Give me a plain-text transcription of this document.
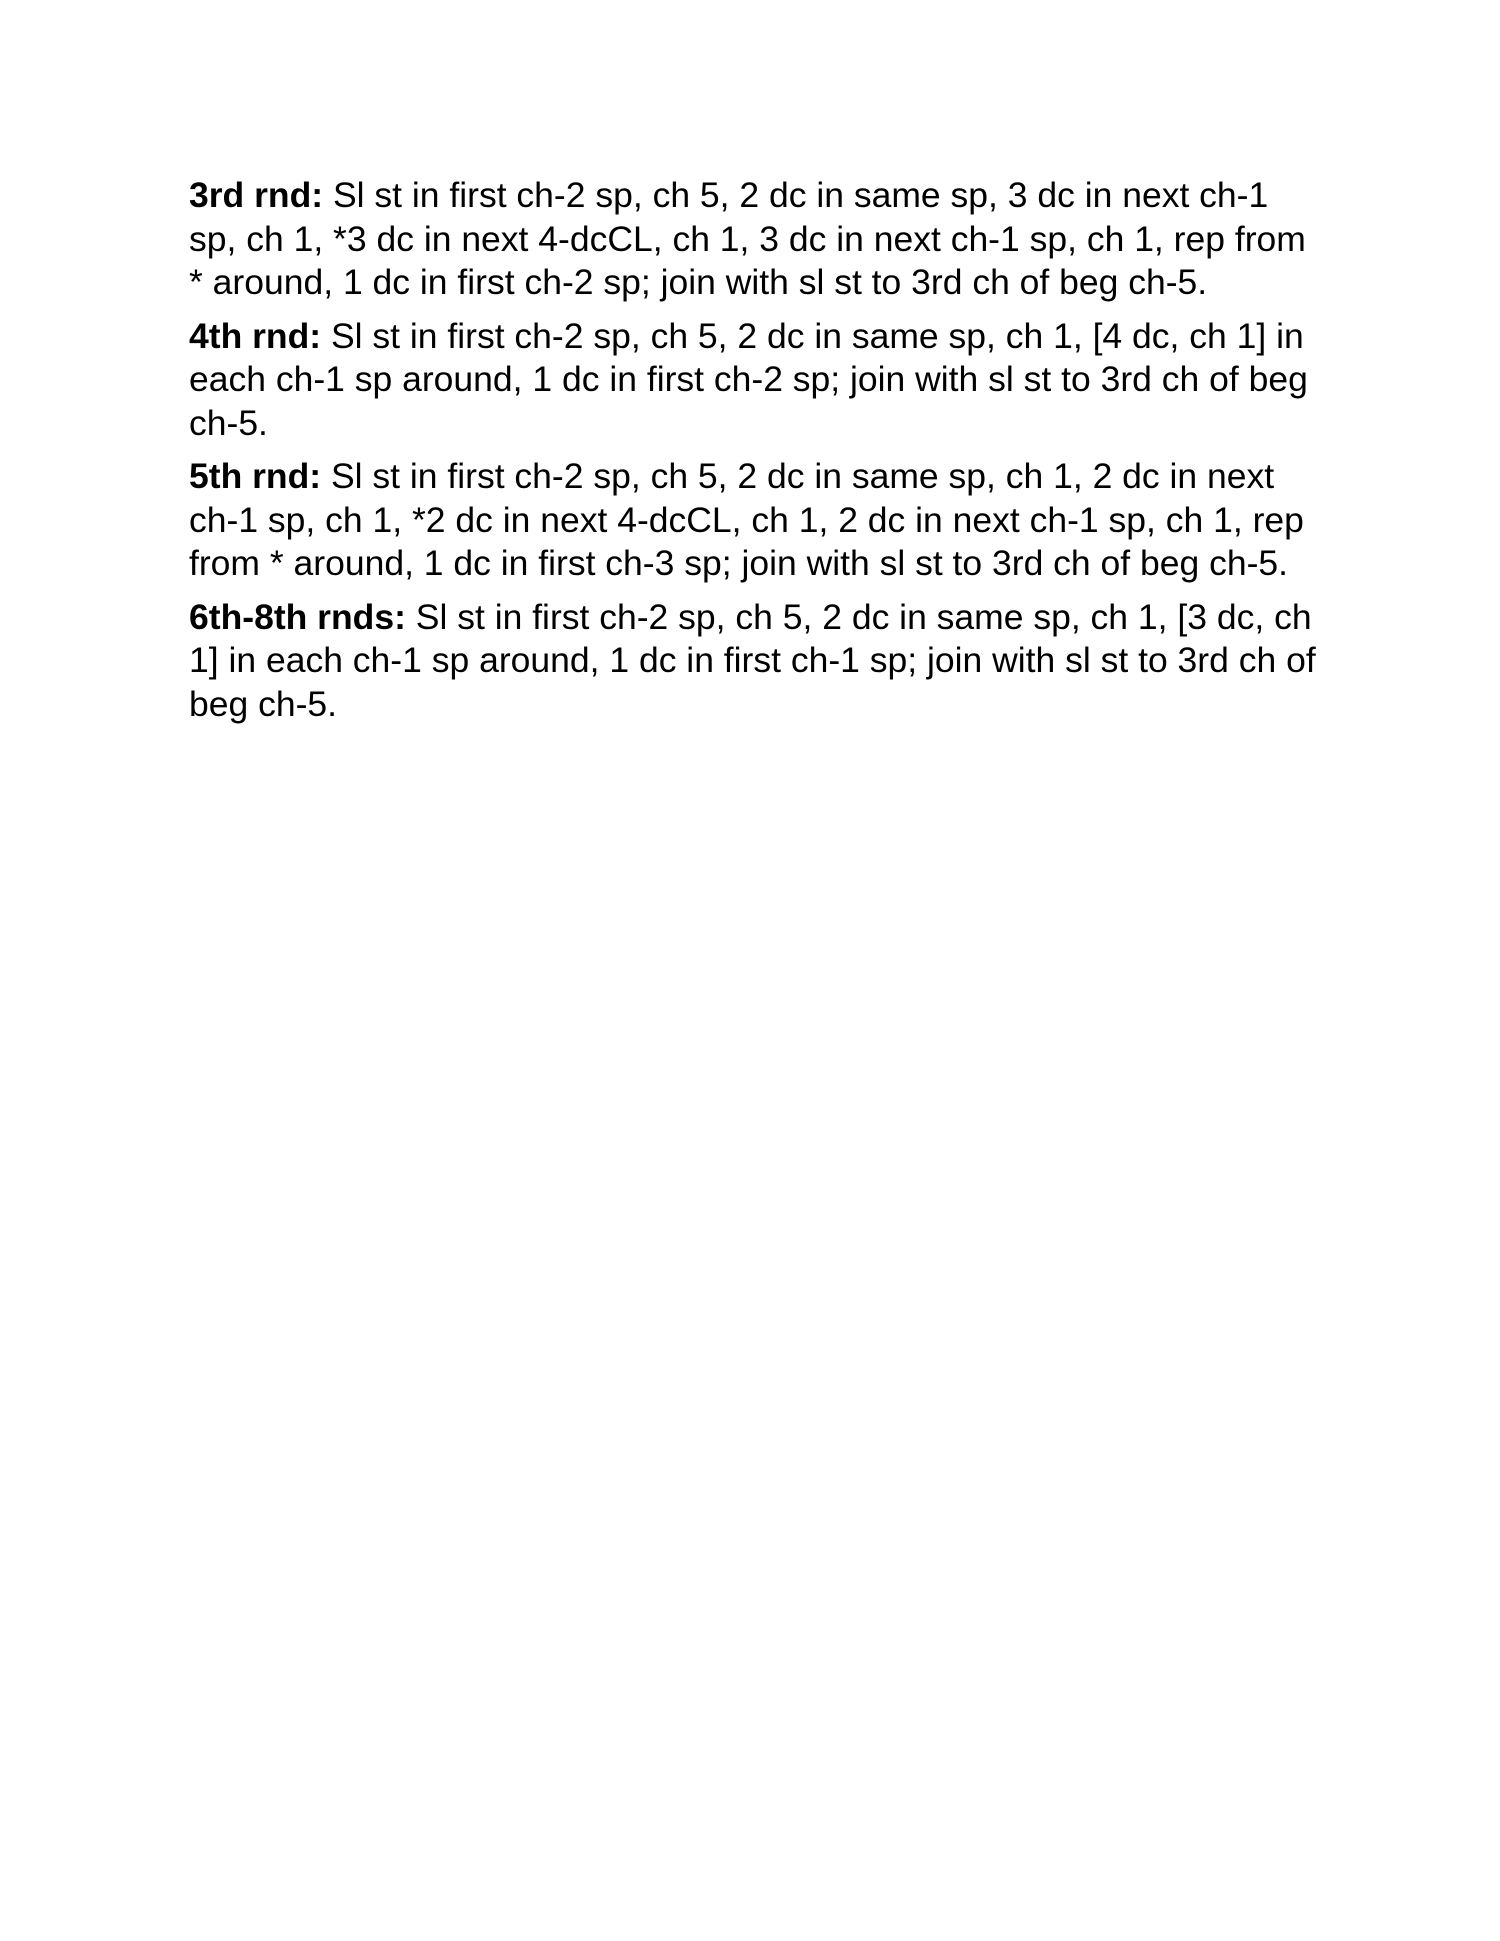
3rd rnd: Sl st in first ch-2 sp, ch 5, 2 dc in same sp, 3 dc in next ch-1 sp, ch 1, *3 dc in next 4-dcCL, ch 1, 3 dc in next ch-1 sp, ch 1, rep from * around, 1 dc in first ch-2 sp; join with sl st to 3rd ch of beg ch-5.

4th rnd: Sl st in first ch-2 sp, ch 5, 2 dc in same sp, ch 1, [4 dc, ch 1] in each ch-1 sp around, 1 dc in first ch-2 sp; join with sl st to 3rd ch of beg ch-5.

5th rnd: Sl st in first ch-2 sp, ch 5, 2 dc in same sp, ch 1, 2 dc in next ch-1 sp, ch 1, *2 dc in next 4-dcCL, ch 1, 2 dc in next ch-1 sp, ch 1, rep from * around, 1 dc in first ch-3 sp; join with sl st to 3rd ch of beg ch-5.

6th-8th rnds: Sl st in first ch-2 sp, ch 5, 2 dc in same sp, ch 1, [3 dc, ch 1] in each ch-1 sp around, 1 dc in first ch-1 sp; join with sl st to 3rd ch of beg ch-5.
